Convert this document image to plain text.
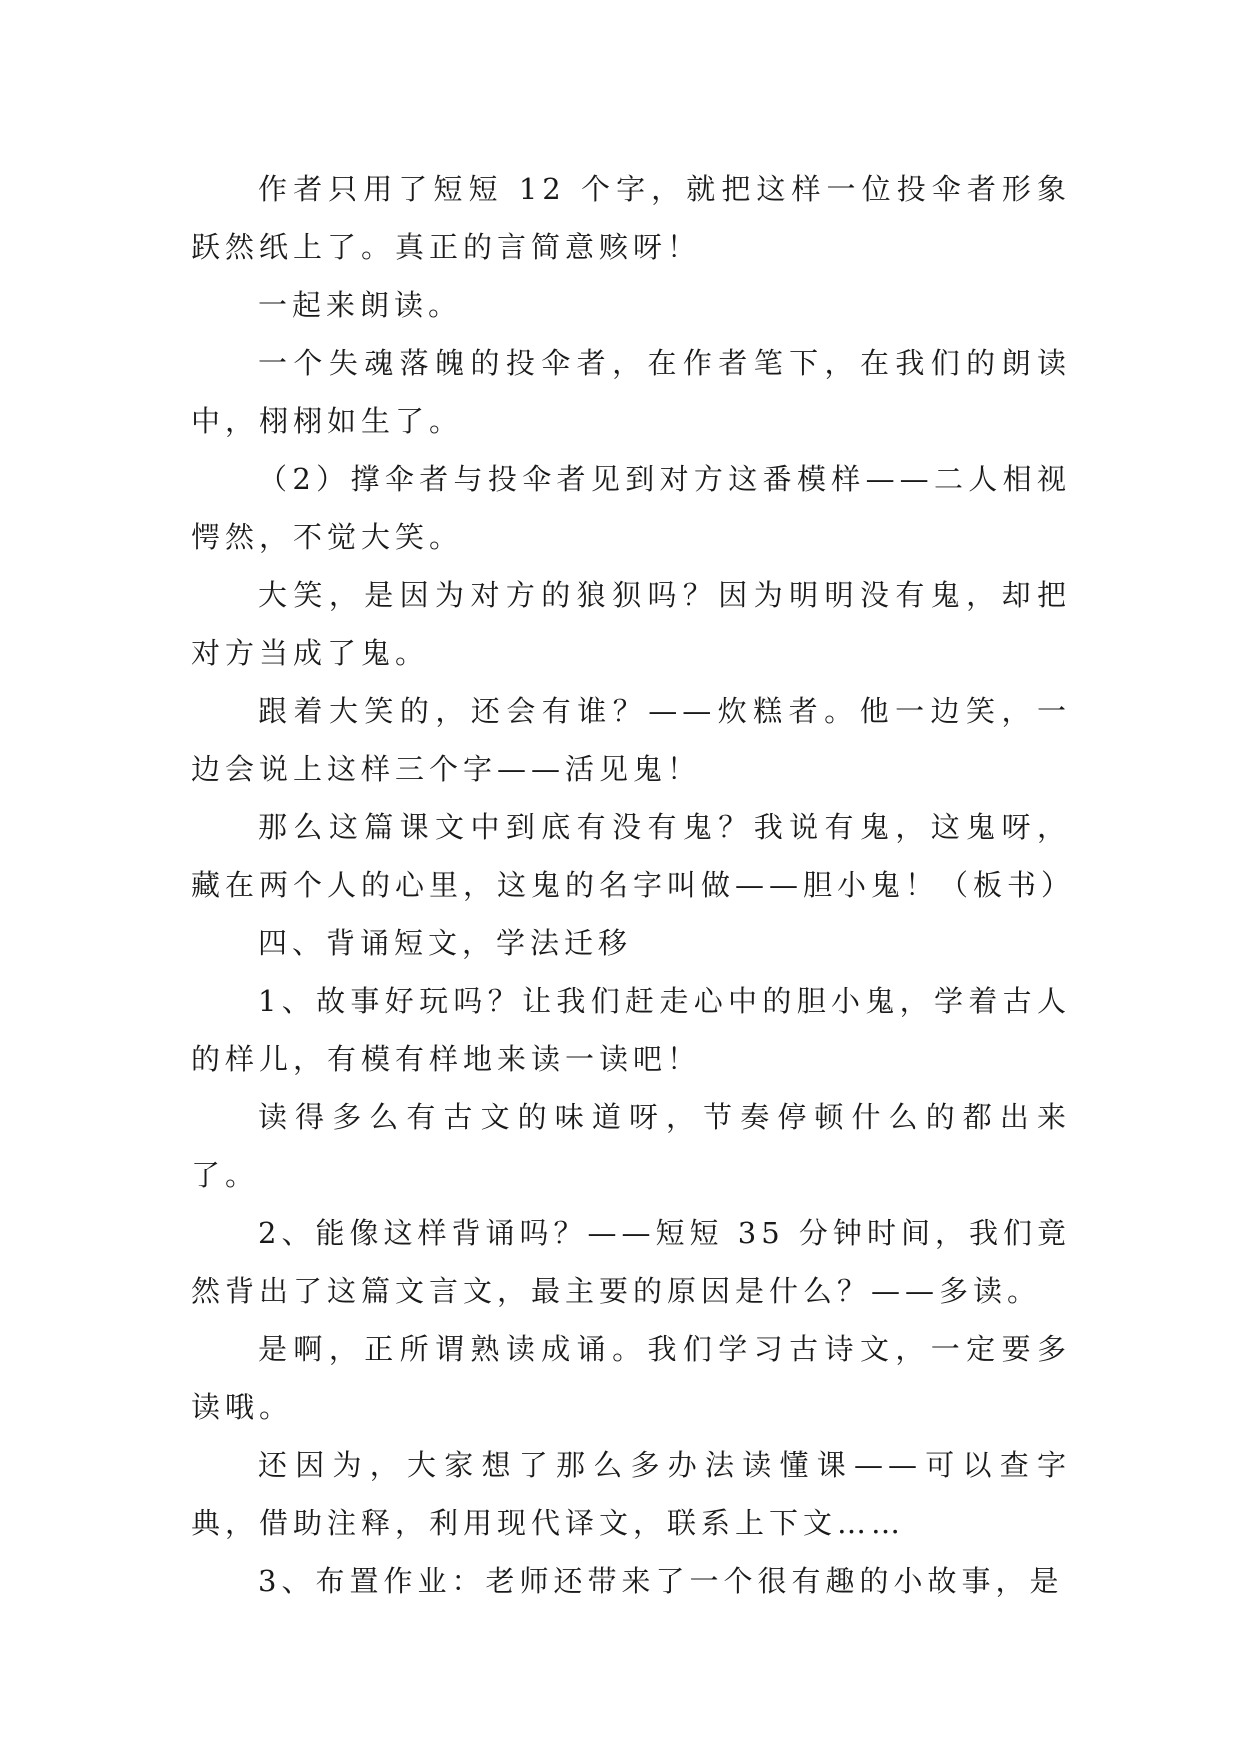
作者只用了短短 12 个字，就把这样一位投伞者形象跃然纸上了。真正的言简意赅呀！

一起来朗读。

一个失魂落魄的投伞者，在作者笔下，在我们的朗读中，栩栩如生了。

（2）撑伞者与投伞者见到对方这番模样——二人相视愕然，不觉大笑。

大笑，是因为对方的狼狈吗？因为明明没有鬼，却把对方当成了鬼。

跟着大笑的，还会有谁？——炊糕者。他一边笑，一边会说上这样三个字——活见鬼！

那么这篇课文中到底有没有鬼？我说有鬼，这鬼呀，藏在两个人的心里，这鬼的名字叫做——胆小鬼！（板书）

四、背诵短文，学法迁移

1、故事好玩吗？让我们赶走心中的胆小鬼，学着古人的样儿，有模有样地来读一读吧！

读得多么有古文的味道呀，节奏停顿什么的都出来了。

2、能像这样背诵吗？——短短 35 分钟时间，我们竟然背出了这篇文言文，最主要的原因是什么？——多读。

是啊，正所谓熟读成诵。我们学习古诗文，一定要多读哦。

还因为，大家想了那么多办法读懂课——可以查字典，借助注释，利用现代译文，联系上下文……

3、布置作业：老师还带来了一个很有趣的小故事，是
